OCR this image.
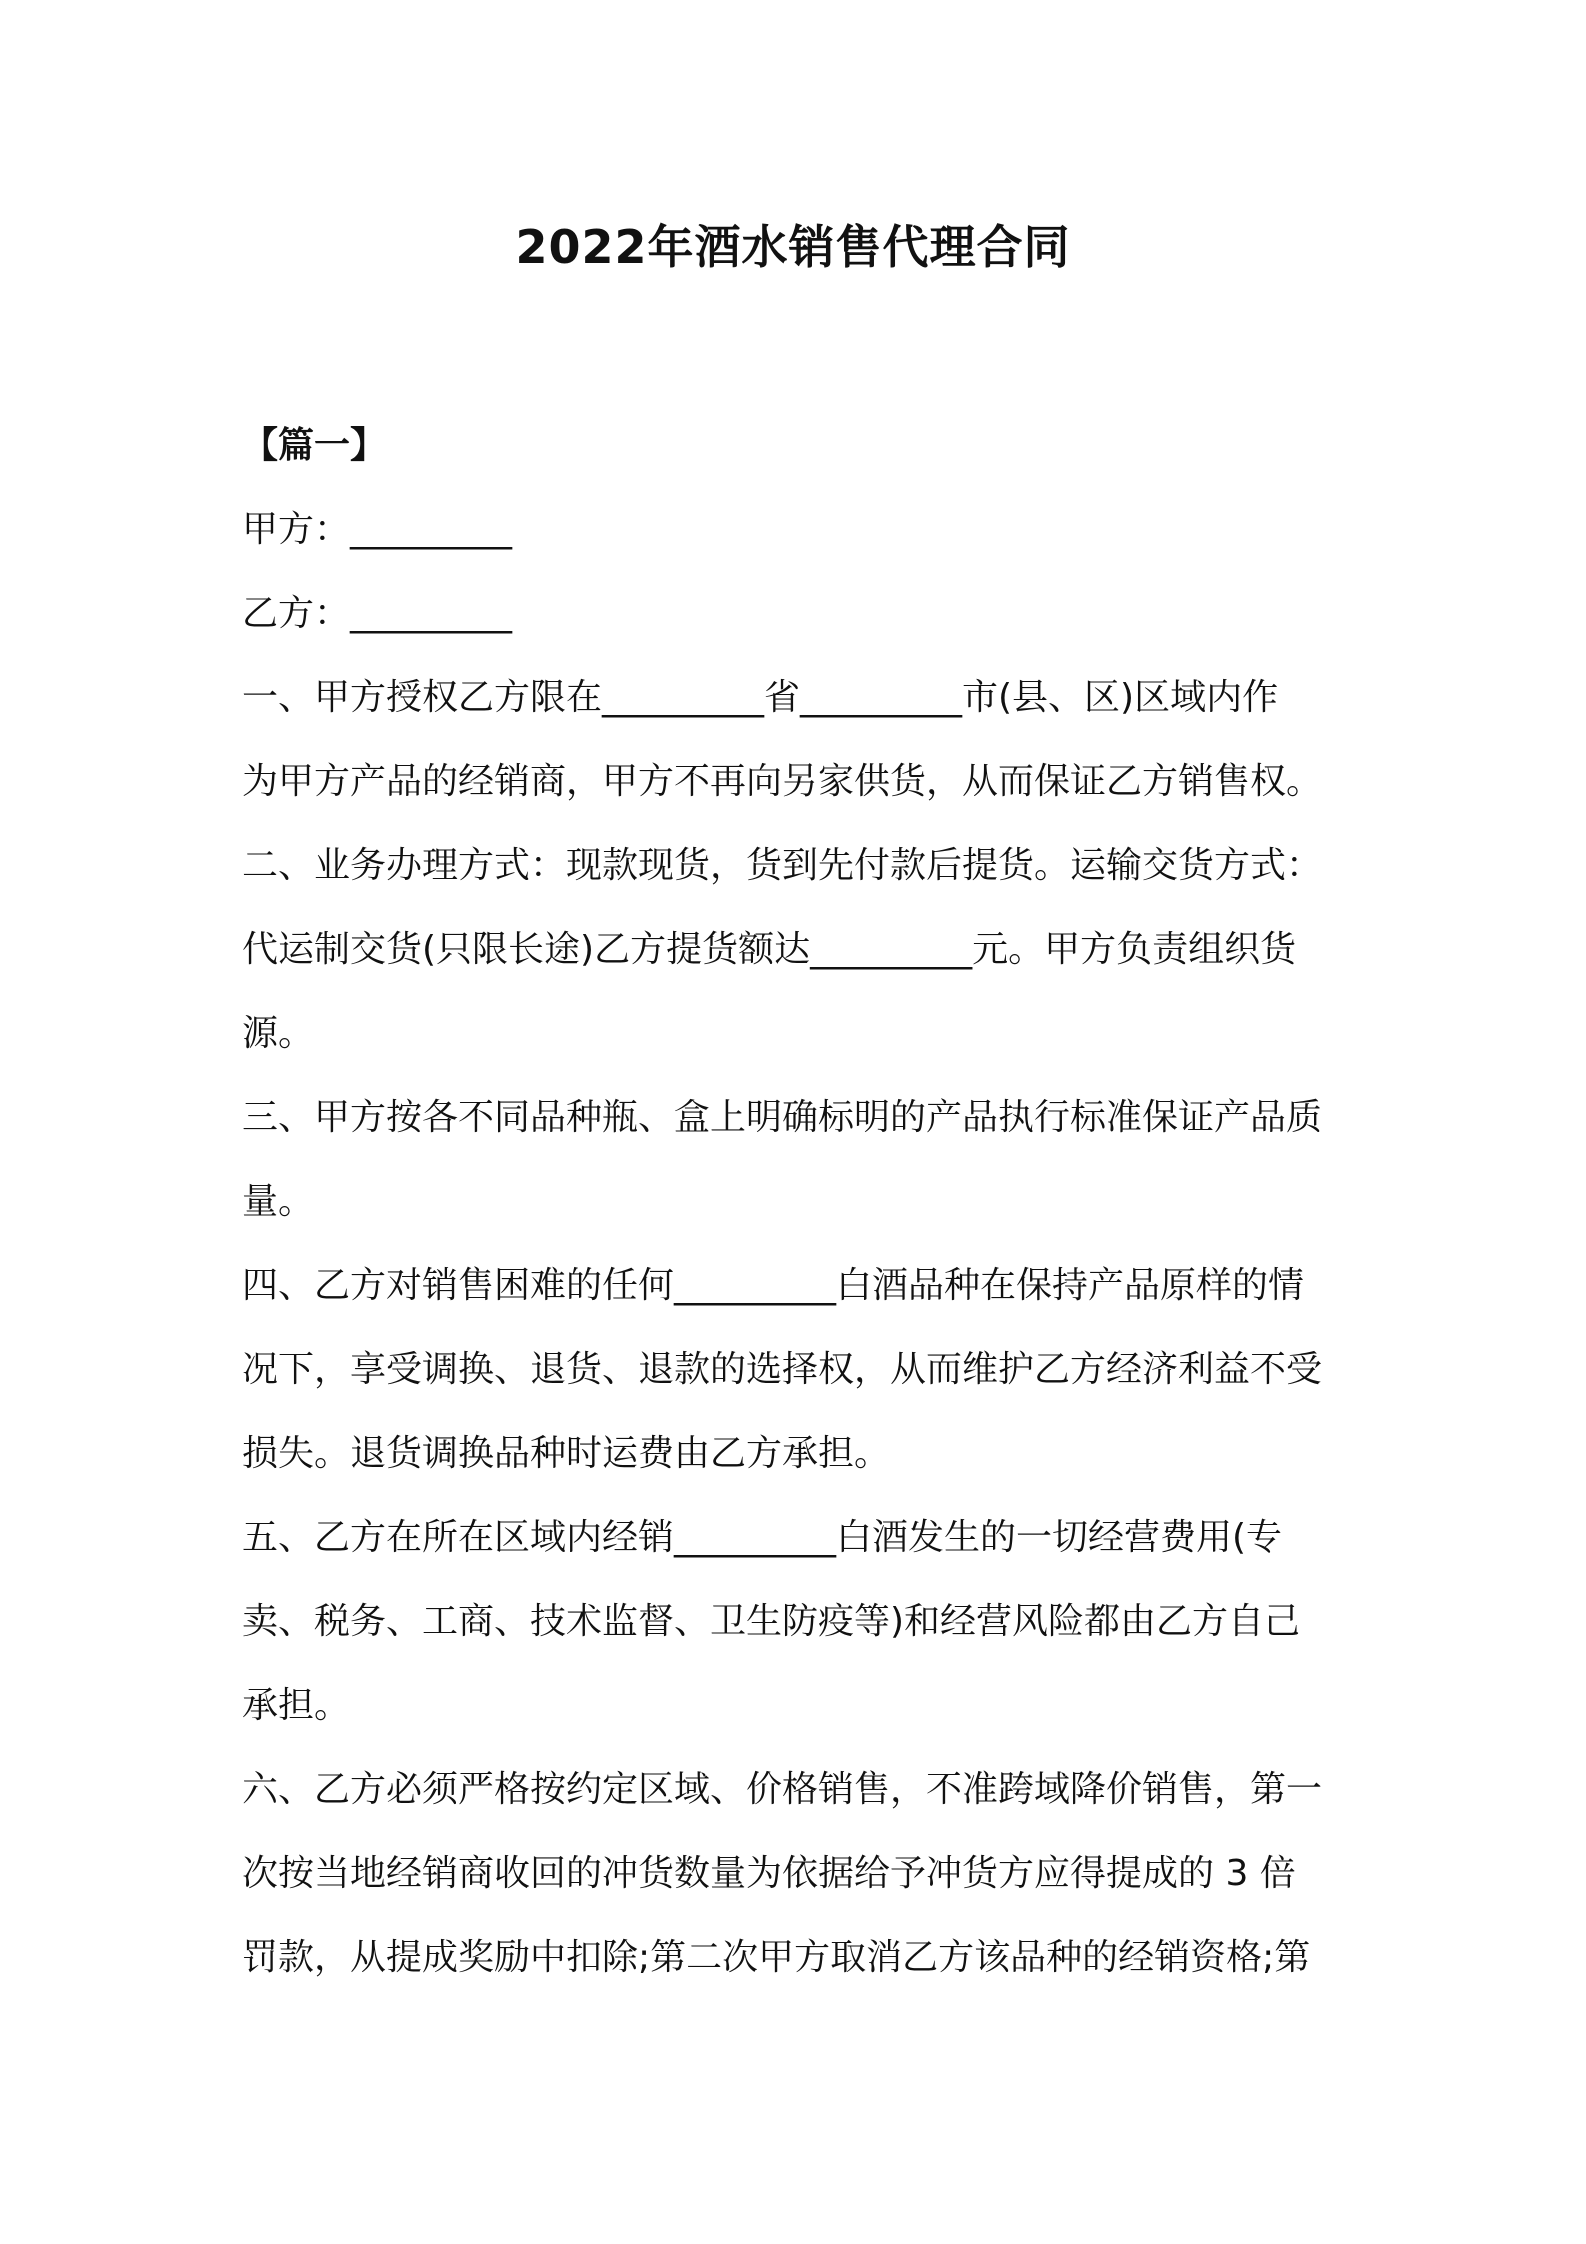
2022年酒水销售代理合同
【篇一】
甲方：_________
乙方：_________
一、甲方授权乙方限在_________省_________市(县、区)区域内作
为甲方产品的经销商，甲方不再向另家供货，从而保证乙方销售权。
二、业务办理方式：现款现货，货到先付款后提货。运输交货方式：
代运制交货(只限长途)乙方提货额达_________元。甲方负责组织货
源。
三、甲方按各不同品种瓶、盒上明确标明的产品执行标准保证产品质
量。
四、乙方对销售困难的任何_________白酒品种在保持产品原样的情
况下，享受调换、退货、退款的选择权，从而维护乙方经济利益不受
损失。退货调换品种时运费由乙方承担。
五、乙方在所在区域内经销_________白酒发生的一切经营费用(专
卖、税务、工商、技术监督、卫生防疫等)和经营风险都由乙方自己
承担。
六、乙方必须严格按约定区域、价格销售，不准跨域降价销售，第一
次按当地经销商收回的冲货数量为依据给予冲货方应得提成的 3 倍
罚款，从提成奖励中扣除;第二次甲方取消乙方该品种的经销资格;第
